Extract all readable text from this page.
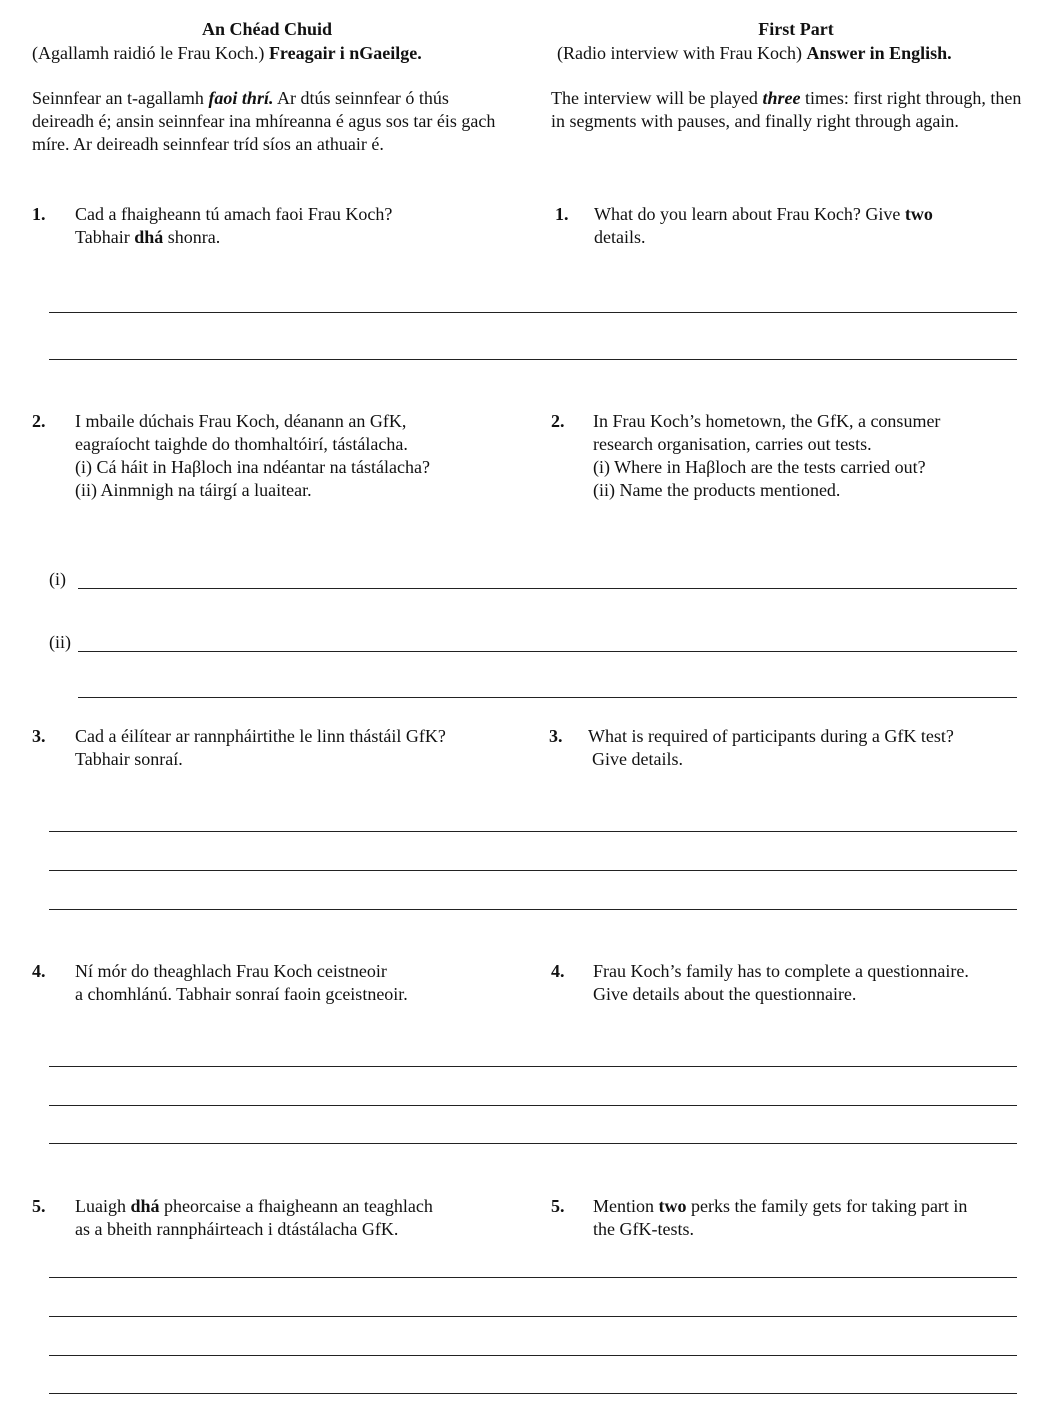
An Chéad Chuid
(Agallamh raidió le Frau Koch.) Freagair i nGaeilge.
First Part
(Radio interview with Frau Koch) Answer in English.
Seinnfear an t-agallamh faoi thrí. Ar dtús seinnfear ó thús deireadh é; ansin seinnfear ina mhíreanna é agus sos tar éis gach míre. Ar deireadh seinnfear tríd síos an athuair é.
The interview will be played three times: first right through, then in segments with pauses, and finally right through again.
1. Cad a fhaigheann tú amach faoi Frau Koch?
Tabhair dhá shonra.
1. What do you learn about Frau Koch? Give two
details.
2. I mbaile dúchais Frau Koch, déanann an GfK,
eagraíocht taighde do thomhaltóirí, tástálacha.
(i) Cá háit in Haβloch ina ndéantar na tástálacha?
(ii) Ainmnigh na táirgí a luaitear.
2. In Frau Koch’s hometown, the GfK, a consumer
research organisation, carries out tests.
(i) Where in Haβloch are the tests carried out?
(ii) Name the products mentioned.
(i)
(ii)
3. Cad a éilítear ar rannpháirtithe le linn thástáil GfK?
Tabhair sonraí.
3. What is required of participants during a GfK test?
Give details.
4. Ní mór do theaghlach Frau Koch ceistneoir
a chomhlánú. Tabhair sonraí faoin gceistneoir.
4. Frau Koch’s family has to complete a questionnaire.
Give details about the questionnaire.
5. Luaigh dhá pheorcaise a fhaigheann an teaghlach
as a bheith rannpháirteach i dtástálacha GfK.
5. Mention two perks the family gets for taking part in
the GfK-tests.
